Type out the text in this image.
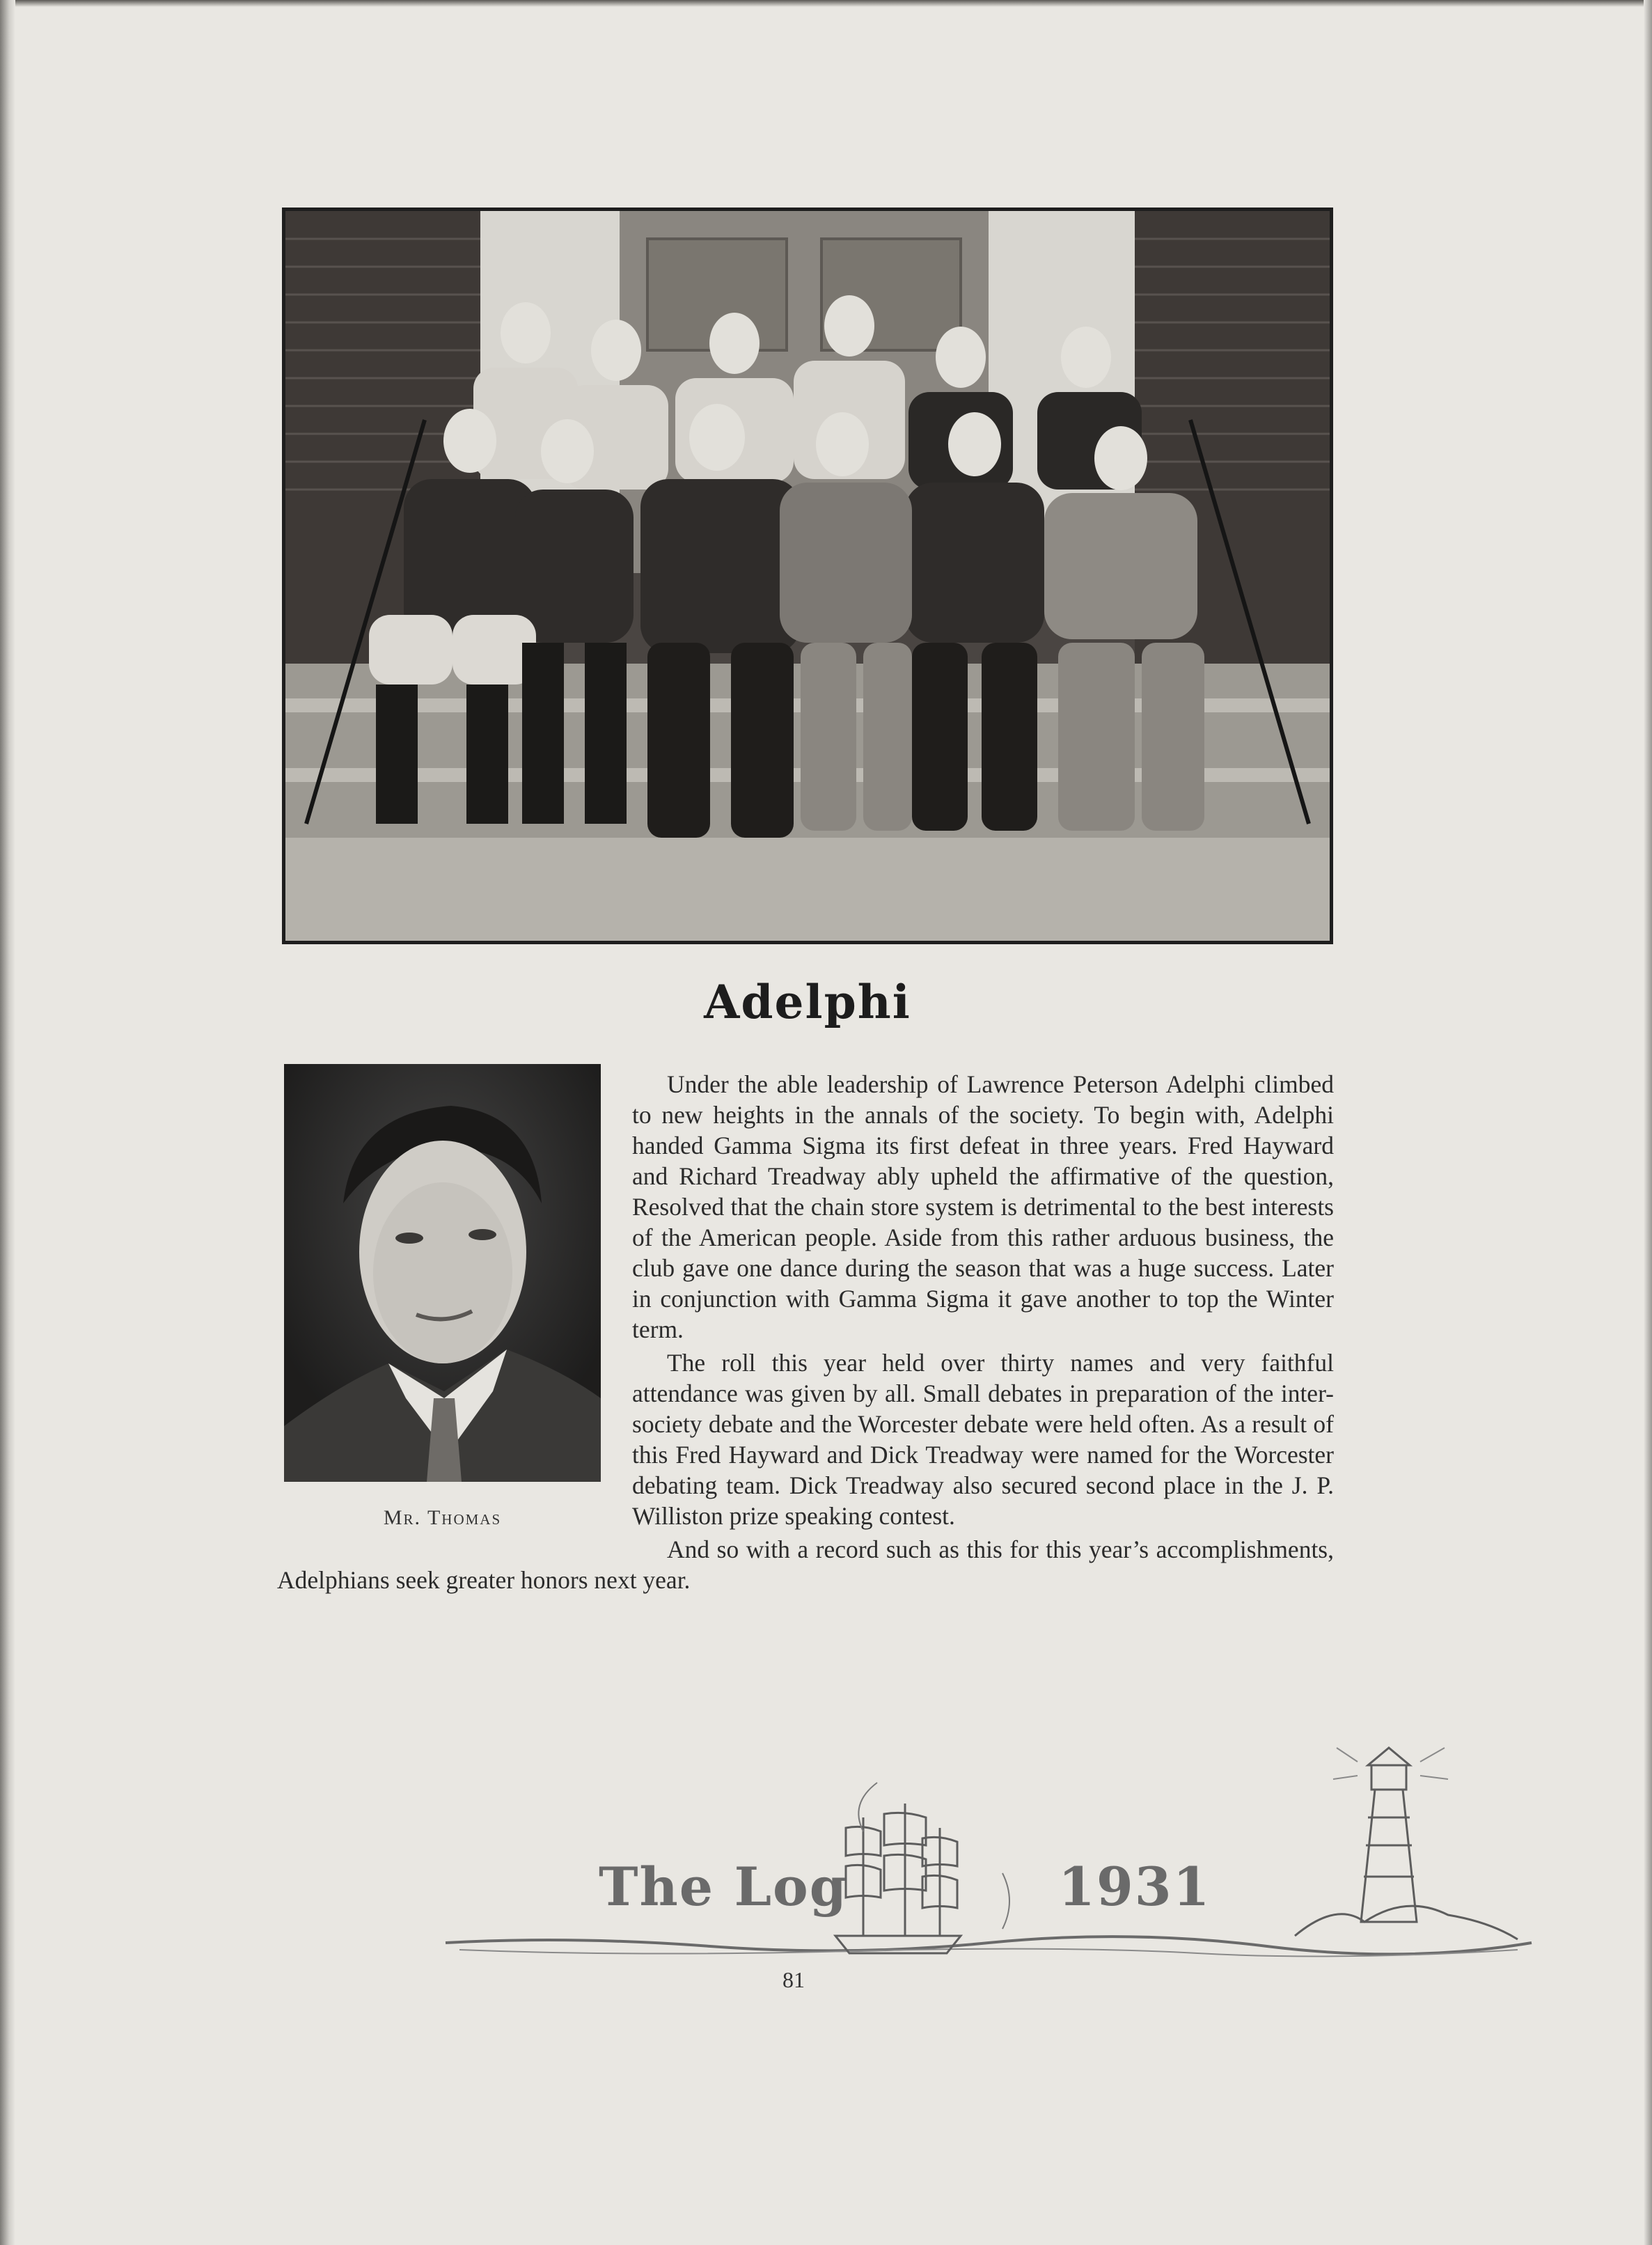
Adelphi
Mr. Thomas

Under the able leadership of Lawrence Peterson Adelphi climbed to new heights in the annals of the society. To begin with, Adelphi handed Gamma Sigma its first defeat in three years. Fred Hayward and Richard Treadway ably upheld the affirmative of the question, Resolved that the chain store system is detrimental to the best interests of the American people. Aside from this rather arduous business, the club gave one dance during the season that was a huge success. Later in conjunction with Gamma Sigma it gave another to top the Winter term.

The roll this year held over thirty names and very faithful attendance was given by all. Small debates in preparation of the inter-society debate and the Worcester debate were held often. As a result of this Fred Hayward and Dick Treadway were named for the Worcester debating team. Dick Treadway also secured second place in the J. P. Williston prize speaking contest.

And so with a record such as this for this year’s accomplishments, Adelphians seek greater honors next year.

The Log	1931
81
